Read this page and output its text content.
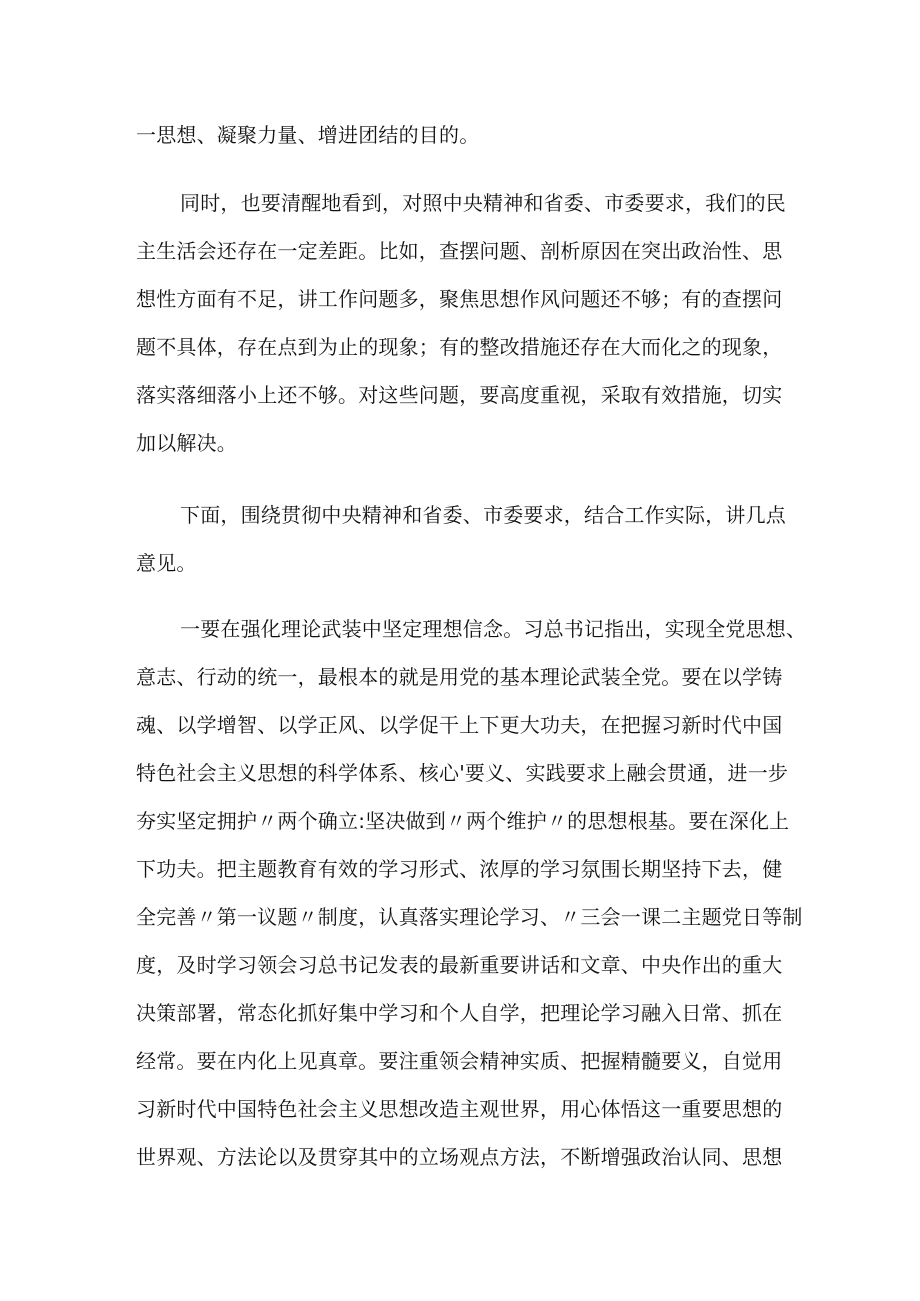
一思想、凝聚力量、增进团结的目的。

同时，也要清醒地看到，对照中央精神和省委、市委要求，我们的民
主生活会还存在一定差距。比如，查摆问题、剖析原因在突出政治性、思
想性方面有不足，讲工作问题多，聚焦思想作风问题还不够；有的查摆问
题不具体，存在点到为止的现象；有的整改措施还存在大而化之的现象，
落实落细落小上还不够。对这些问题，要高度重视，采取有效措施，切实
加以解决。

下面，围绕贯彻中央精神和省委、市委要求，结合工作实际，讲几点
意见。

一要在强化理论武装中坚定理想信念。习总书记指出，实现全党思想、
意志、行动的统一，最根本的就是用党的基本理论武装全党。要在以学铸
魂、以学增智、以学正风、以学促干上下更大功夫，在把握习新时代中国
特色社会主义思想的科学体系、核心'要义、实践要求上融会贯通，进一步
夯实坚定拥护〃两个确立:坚决做到〃两个维护〃的思想根基。要在深化上
下功夫。把主题教育有效的学习形式、浓厚的学习氛围长期坚持下去，健
全完善〃第一议题〃制度，认真落实理论学习、〃三会一课二主题党日等制
度，及时学习领会习总书记发表的最新重要讲话和文章、中央作出的重大
决策部署，常态化抓好集中学习和个人自学，把理论学习融入日常、抓在
经常。要在内化上见真章。要注重领会精神实质、把握精髓要义，自觉用
习新时代中国特色社会主义思想改造主观世界，用心体悟这一重要思想的
世界观、方法论以及贯穿其中的立场观点方法，不断增强政治认同、思想
